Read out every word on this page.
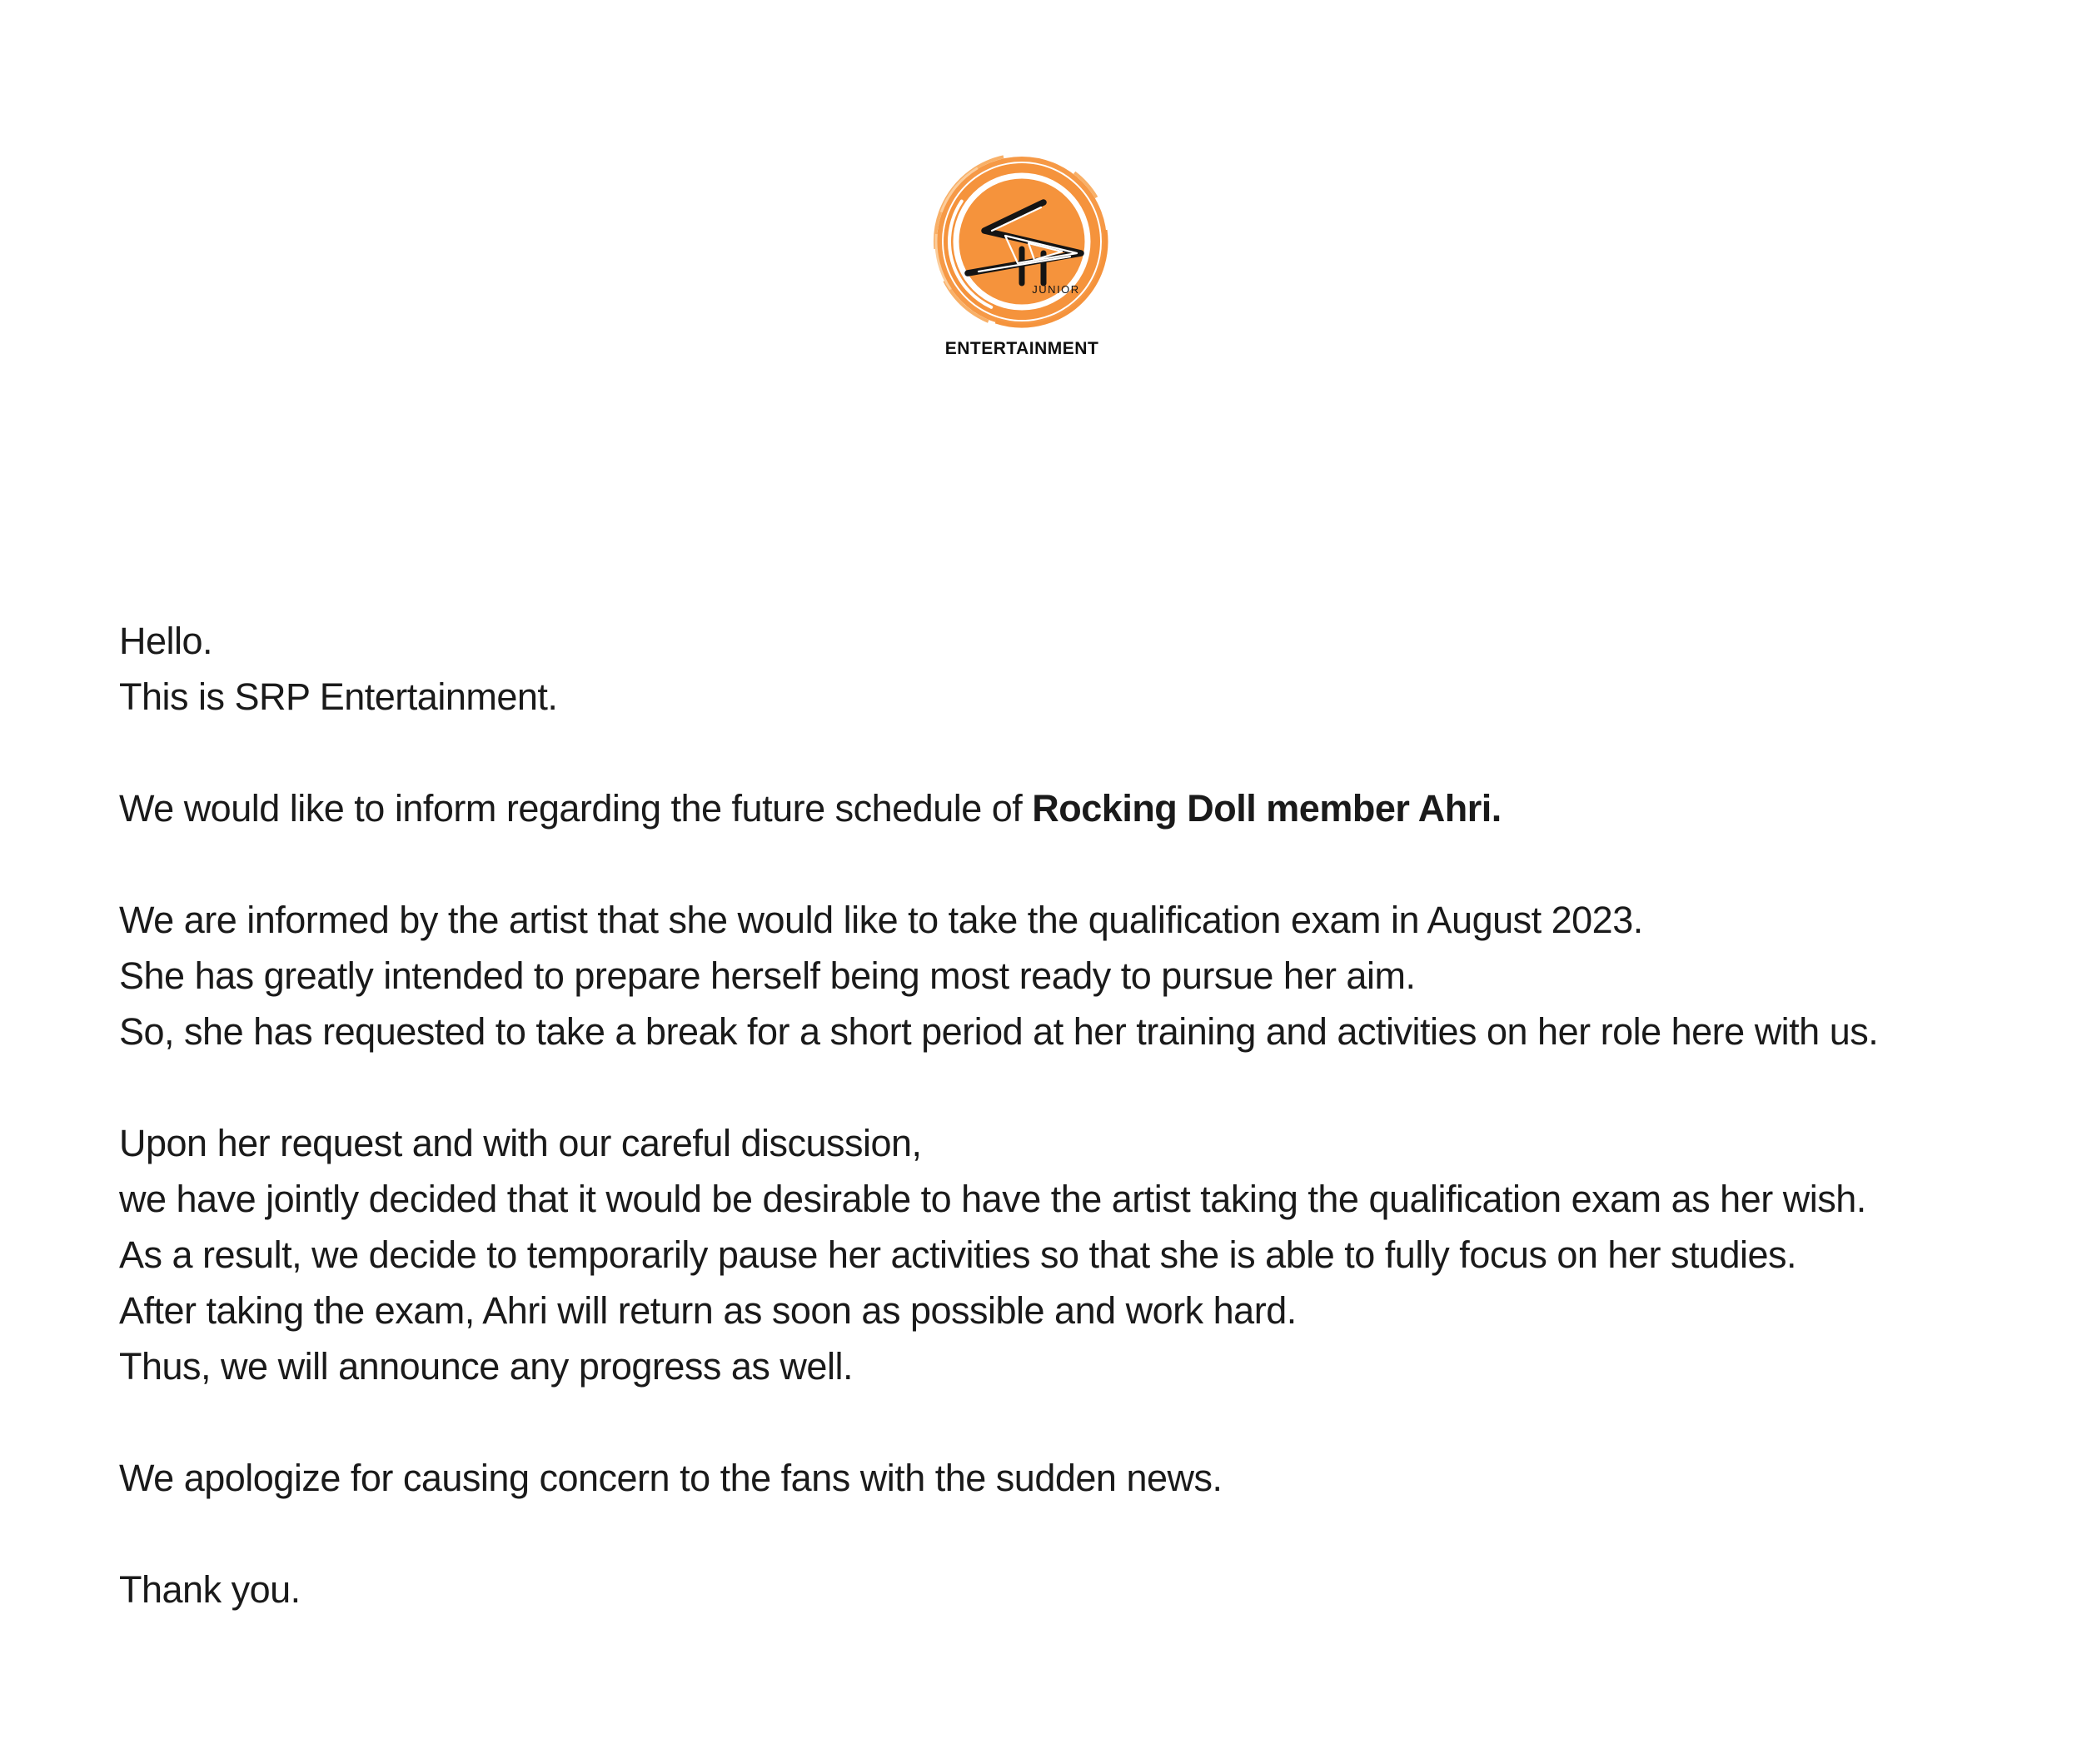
JUNIOR
ENTERTAINMENT

Hello.
This is SRP Entertainment.

We would like to inform regarding the future schedule of Rocking Doll member Ahri.

We are informed by the artist that she would like to take the qualification exam in August 2023.
She has greatly intended to prepare herself being most ready to pursue her aim.
So, she has requested to take a break for a short period at her training and activities on her role here with us.

Upon her request and with our careful discussion,
we have jointly decided that it would be desirable to have the artist taking the qualification exam as her wish.
As a result, we decide to temporarily pause her activities so that she is able to fully focus on her studies.
After taking the exam, Ahri will return as soon as possible and work hard.
Thus, we will announce any progress as well.

We apologize for causing concern to the fans with the sudden news.

Thank you.
